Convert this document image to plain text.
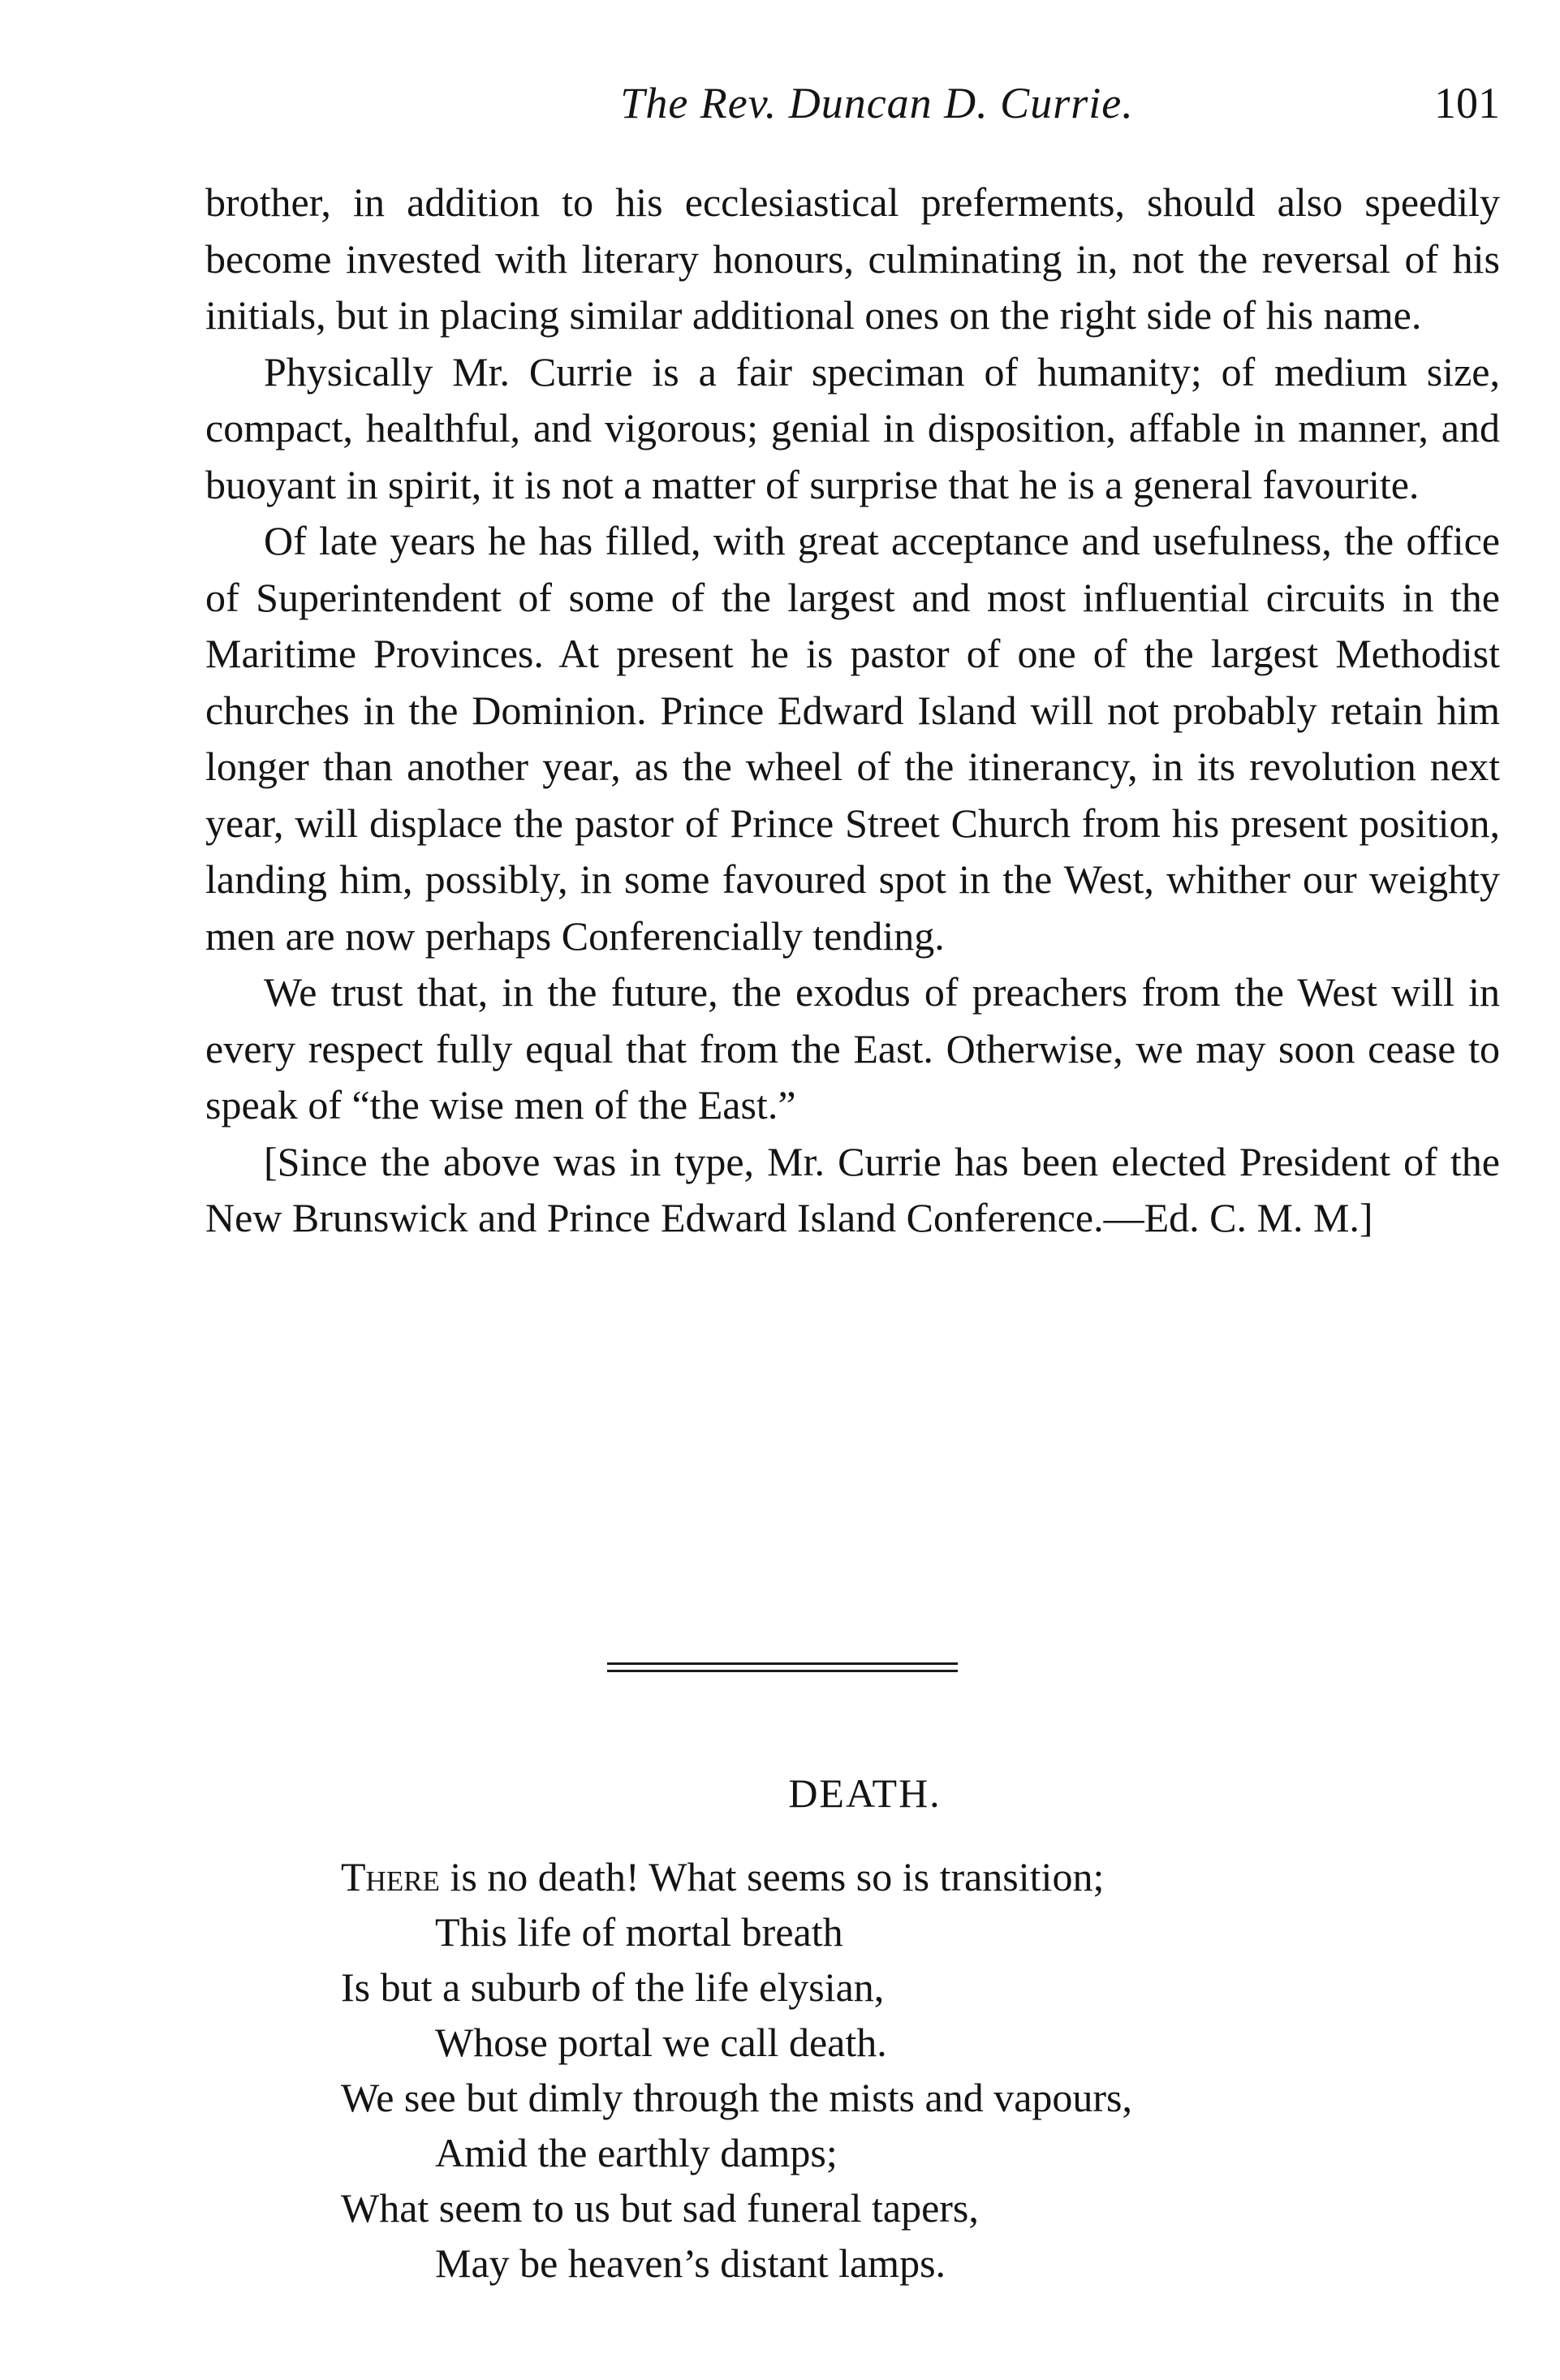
The Rev. Duncan D. Currie.	101

brother, in addition to his ecclesiastical preferments, should also speedily become invested with literary honours, culminating in, not the reversal of his initials, but in placing similar additional ones on the right side of his name.

Physically Mr. Currie is a fair speciman of humanity; of medium size, compact, healthful, and vigorous; genial in disposition, affable in manner, and buoyant in spirit, it is not a matter of surprise that he is a general favourite.

Of late years he has filled, with great acceptance and usefulness, the office of Superintendent of some of the largest and most influential circuits in the Maritime Provinces. At present he is pastor of one of the largest Methodist churches in the Dominion. Prince Edward Island will not probably retain him longer than another year, as the wheel of the itinerancy, in its revolution next year, will displace the pastor of Prince Street Church from his present position, landing him, possibly, in some favoured spot in the West, whither our weighty men are now perhaps Conferencially tending.

We trust that, in the future, the exodus of preachers from the West will in every respect fully equal that from the East. Otherwise, we may soon cease to speak of “the wise men of the East.”

[Since the above was in type, Mr. Currie has been elected President of the New Brunswick and Prince Edward Island Conference.—Ed. C. M. M.]

DEATH.
There is no death! What seems so is transition;
This life of mortal breath
Is but a suburb of the life elysian,
Whose portal we call death.
We see but dimly through the mists and vapours,
Amid the earthly damps;
What seem to us but sad funeral tapers,
May be heaven’s distant lamps.
